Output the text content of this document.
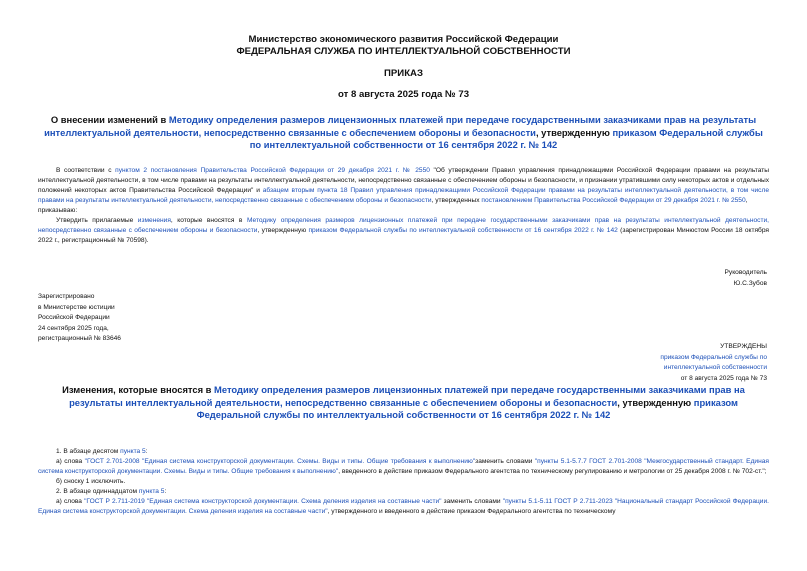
Министерство экономического развития Российской Федерации
ФЕДЕРАЛЬНАЯ СЛУЖБА ПО ИНТЕЛЛЕКТУАЛЬНОЙ СОБСТВЕННОСТИ
ПРИКАЗ
от 8 августа 2025 года № 73
О внесении изменений в Методику определения размеров лицензионных платежей при передаче государственными заказчиками прав на результаты интеллектуальной деятельности, непосредственно связанные с обеспечением обороны и безопасности, утвержденную приказом Федеральной службы по интеллектуальной собственности от 16 сентября 2022 г. № 142

В соответствии с пунктом 2 постановления Правительства Российской Федерации от 29 декабря 2021 г. № 2550 "Об утверждении Правил управления принадлежащими Российской Федерации правами на результаты интеллектуальной деятельности, в том числе правами на результаты интеллектуальной деятельности, непосредственно связанные с обеспечением обороны и безопасности, и признании утратившими силу некоторых актов и отдельных положений некоторых актов Правительства Российской Федерации" и абзацем вторым пункта 18 Правил управления принадлежащими Российской Федерации правами на результаты интеллектуальной деятельности, в том числе правами на результаты интеллектуальной деятельности, непосредственно связанные с обеспечением обороны и безопасности, утвержденных постановлением Правительства Российской Федерации от 29 декабря 2021 г. № 2550,

приказываю:

Утвердить прилагаемые изменения, которые вносятся в Методику определения размеров лицензионных платежей при передаче государственными заказчиками прав на результаты интеллектуальной деятельности, непосредственно связанные с обеспечением обороны и безопасности, утвержденную приказом Федеральной службы по интеллектуальной собственности от 16 сентября 2022 г. № 142 (зарегистрирован Минюстом России 18 октября 2022 г., регистрационный № 70598).

Руководитель
Ю.С.Зубов
Зарегистрировано
в Министерстве юстиции
Российской Федерации
24 сентября 2025 года,
регистрационный № 83646
УТВЕРЖДЕНЫ
приказом Федеральной службы по интеллектуальной собственности
от 8 августа 2025 года № 73
Изменения, которые вносятся в Методику определения размеров лицензионных платежей при передаче государственными заказчиками прав на результаты интеллектуальной деятельности, непосредственно связанные с обеспечением обороны и безопасности, утвержденную приказом Федеральной службы по интеллектуальной собственности от 16 сентября 2022 г. № 142

1. В абзаце десятом пункта 5:

а) слова "ГОСТ 2.701-2008 "Единая система конструкторской документации. Схемы. Виды и типы. Общие требования к выполнению"заменить словами "пункты 5.1-5.7.7 ГОСТ 2.701-2008 "Межгосударственный стандарт. Единая система конструкторской документации. Схемы. Виды и типы. Общие требования к выполнению", введенного в действие приказом Федерального агентства по техническому регулированию и метрологии от 25 декабря 2008 г. № 702-ст.";

б) сноску 1 исключить.

2. В абзаце одиннадцатом пункта 5:

а) слова "ГОСТ Р 2.711-2019 "Единая система конструкторской документации. Схема деления изделия на составные части" заменить словами "пункты 5.1-5.11 ГОСТ Р 2.711-2023 "Национальный стандарт Российской Федерации. Единая система конструкторской документации. Схема деления изделия на составные части", утвержденного и введенного в действие приказом Федерального агентства по техническому
